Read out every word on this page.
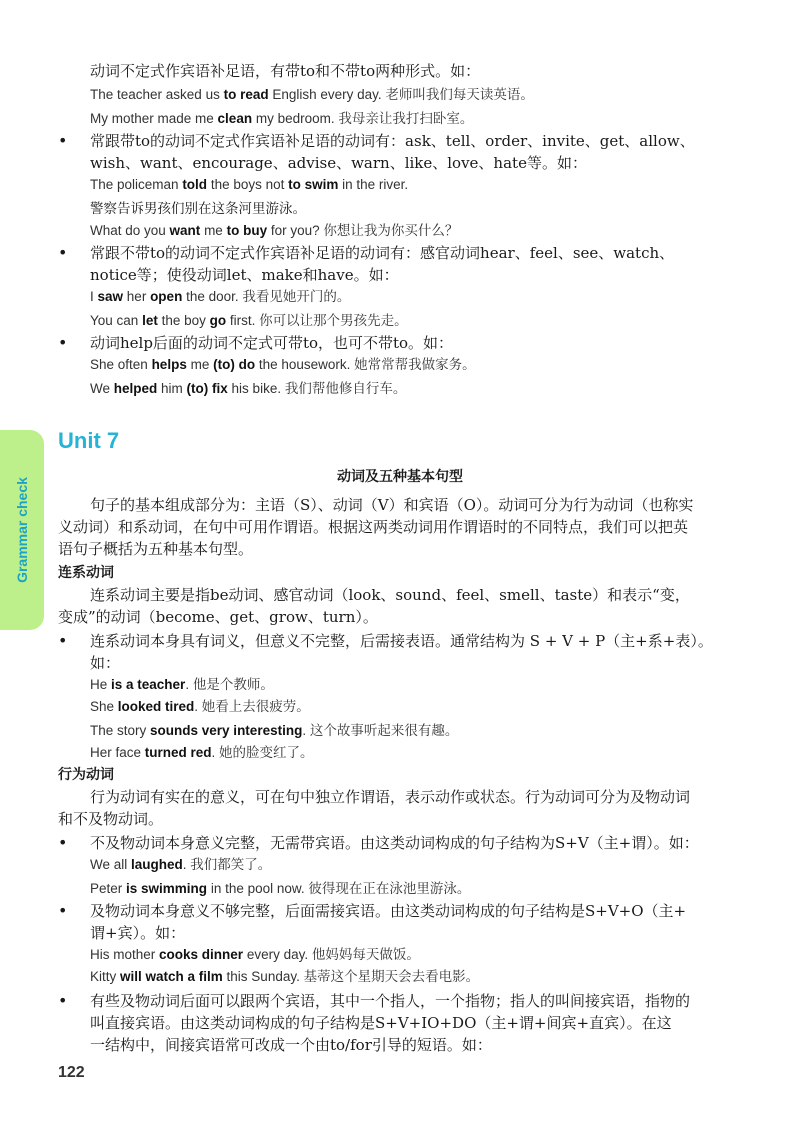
Grammar check
动词不定式作宾语补足语，有带to和不带to两种形式。如：
The teacher asked us to read English every day. 老师叫我们每天读英语。
My mother made me clean my bedroom. 我母亲让我打扫卧室。
• 常跟带to的动词不定式作宾语补足语的动词有：ask、tell、order、invite、get、allow、
wish、want、encourage、advise、warn、like、love、hate等。如：
The policeman told the boys not to swim in the river.
警察告诉男孩们别在这条河里游泳。
What do you want me to buy for you? 你想让我为你买什么？
• 常跟不带to的动词不定式作宾语补足语的动词有：感官动词hear、feel、see、watch、
notice等；使役动词let、make和have。如：
I saw her open the door. 我看见她开门的。
You can let the boy go first. 你可以让那个男孩先走。
• 动词help后面的动词不定式可带to，也可不带to。如：
She often helps me (to) do the housework. 她常常帮我做家务。
We helped him (to) fix his bike. 我们帮他修自行车。
Unit 7
动词及五种基本句型
句子的基本组成部分为：主语（S）、动词（V）和宾语（O）。动词可分为行为动词（也称实
义动词）和系动词，在句中可用作谓语。根据这两类动词用作谓语时的不同特点，我们可以把英
语句子概括为五种基本句型。
连系动词
连系动词主要是指be动词、感官动词（look、sound、feel、smell、taste）和表示“变，
变成”的动词（become、get、grow、turn）。
• 连系动词本身具有词义，但意义不完整，后需接表语。通常结构为 S + V + P（主+系+表）。
如：
He is a teacher. 他是个教师。
She looked tired. 她看上去很疲劳。
The story sounds very interesting. 这个故事听起来很有趣。
Her face turned red. 她的脸变红了。
行为动词
行为动词有实在的意义，可在句中独立作谓语，表示动作或状态。行为动词可分为及物动词
和不及物动词。
• 不及物动词本身意义完整，无需带宾语。由这类动词构成的句子结构为S+V（主+谓）。如：
We all laughed. 我们都笑了。
Peter is swimming in the pool now. 彼得现在正在泳池里游泳。
• 及物动词本身意义不够完整，后面需接宾语。由这类动词构成的句子结构是S+V+O（主+
谓+宾）。如：
His mother cooks dinner every day. 他妈妈每天做饭。
Kitty will watch a film this Sunday. 基蒂这个星期天会去看电影。
• 有些及物动词后面可以跟两个宾语，其中一个指人，一个指物；指人的叫间接宾语，指物的
叫直接宾语。由这类动词构成的句子结构是S+V+IO+DO（主+谓+间宾+直宾）。在这
一结构中，间接宾语常可改成一个由to/for引导的短语。如：
122
